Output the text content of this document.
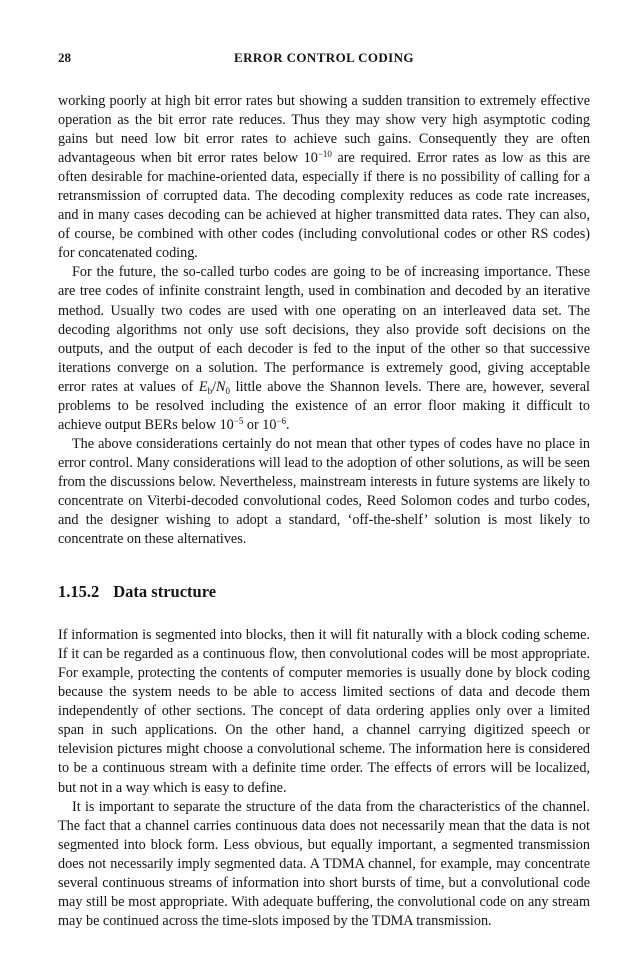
28	ERROR CONTROL CODING

working poorly at high bit error rates but showing a sudden transition to extremely effective operation as the bit error rate reduces. Thus they may show very high asymptotic coding gains but need low bit error rates to achieve such gains. Consequently they are often advantageous when bit error rates below $10^{-10}$ are required. Error rates as low as this are often desirable for machine-oriented data, especially if there is no possibility of calling for a retransmission of corrupted data. The decoding complexity reduces as code rate increases, and in many cases decoding can be achieved at higher transmitted data rates. They can also, of course, be combined with other codes (including convolutional codes or other RS codes) for concatenated coding.

For the future, the so-called turbo codes are going to be of increasing importance. These are tree codes of infinite constraint length, used in combination and decoded by an iterative method. Usually two codes are used with one operating on an interleaved data set. The decoding algorithms not only use soft decisions, they also provide soft decisions on the outputs, and the output of each decoder is fed to the input of the other so that successive iterations converge on a solution. The performance is extremely good, giving acceptable error rates at values of $E_b/N_0$ little above the Shannon levels. There are, however, several problems to be resolved including the existence of an error floor making it difficult to achieve output BERs below $10^{-5}$ or $10^{-6}$.

The above considerations certainly do not mean that other types of codes have no place in error control. Many considerations will lead to the adoption of other solutions, as will be seen from the discussions below. Nevertheless, mainstream interests in future systems are likely to concentrate on Viterbi-decoded convolutional codes, Reed Solomon codes and turbo codes, and the designer wishing to adopt a standard, ‘off-the-shelf’ solution is most likely to concentrate on these alternatives.

1.15.2 Data structure

If information is segmented into blocks, then it will fit naturally with a block coding scheme. If it can be regarded as a continuous flow, then convolutional codes will be most appropriate. For example, protecting the contents of computer memories is usually done by block coding because the system needs to be able to access limited sections of data and decode them independently of other sections. The concept of data ordering applies only over a limited span in such applications. On the other hand, a channel carrying digitized speech or television pictures might choose a convolutional scheme. The information here is considered to be a continuous stream with a definite time order. The effects of errors will be localized, but not in a way which is easy to define.

It is important to separate the structure of the data from the characteristics of the channel. The fact that a channel carries continuous data does not necessarily mean that the data is not segmented into block form. Less obvious, but equally important, a segmented transmission does not necessarily imply segmented data. A TDMA channel, for example, may concentrate several continuous streams of information into short bursts of time, but a convolutional code may still be most appropriate. With adequate buffering, the convolutional code on any stream may be continued across the time-slots imposed by the TDMA transmission.
